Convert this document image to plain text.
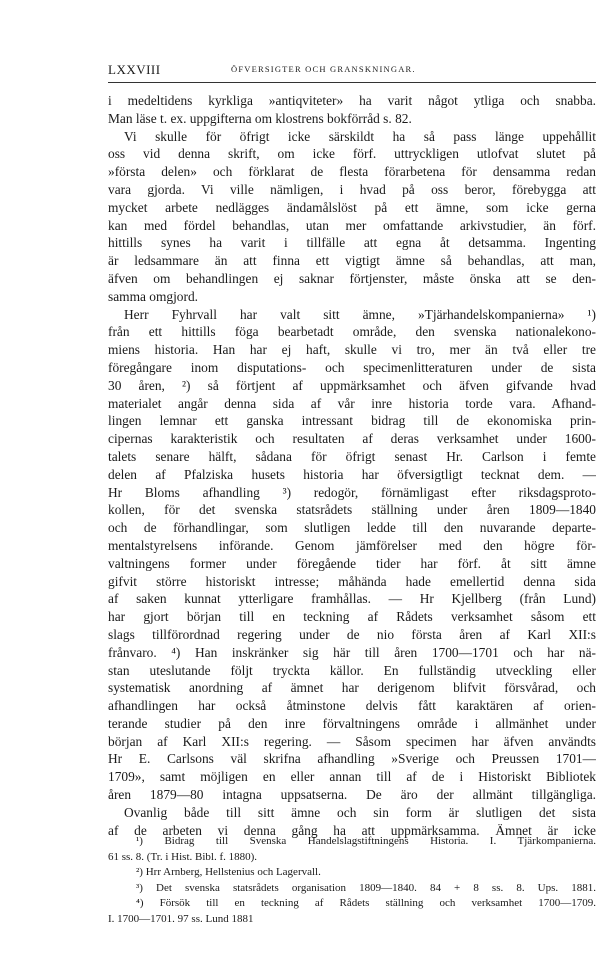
LXXVIII	ÖFVERSIGTER OCH GRANSKNINGAR.
i medeltidens kyrkliga »antiqviteter» ha varit något ytliga och snabba.
Man läse t. ex. uppgifterna om klostrens bokförråd s. 82.
Vi skulle för öfrigt icke särskildt ha så pass länge uppehållit
oss vid denna skrift, om icke förf. uttryckligen utlofvat slutet på
»första delen» och förklarat de flesta förarbetena för densamma redan
vara gjorda. Vi ville nämligen, i hvad på oss beror, förebygga att
mycket arbete nedlägges ändamålslöst på ett ämne, som icke gerna
kan med fördel behandlas, utan mer omfattande arkivstudier, än förf.
hittills synes ha varit i tillfälle att egna åt detsamma. Ingenting
är ledsammare än att finna ett vigtigt ämne så behandlas, att man,
äfven om behandlingen ej saknar förtjenster, måste önska att se den-
samma omgjord.
Herr Fyhrvall har valt sitt ämne, »Tjärhandelskompanierna» ¹)
från ett hittills föga bearbetadt område, den svenska nationalekono-
miens historia. Han har ej haft, skulle vi tro, mer än två eller tre
föregångare inom disputations- och specimenlitteraturen under de sista
30 åren, ²) så förtjent af uppmärksamhet och äfven gifvande hvad
materialet angår denna sida af vår inre historia torde vara. Afhand-
lingen lemnar ett ganska intressant bidrag till de ekonomiska prin-
cipernas karakteristik och resultaten af deras verksamhet under 1600-
talets senare hälft, sådana för öfrigt senast Hr. Carlson i femte
delen af Pfalziska husets historia har öfversigtligt tecknat dem. —
Hr Bloms afhandling ³) redogör, förnämligast efter riksdagsproto-
kollen, för det svenska statsrådets ställning under åren 1809—1840
och de förhandlingar, som slutligen ledde till den nuvarande departe-
mentalstyrelsens införande. Genom jämförelser med den högre för-
valtningens former under föregående tider har förf. åt sitt ämne
gifvit större historiskt intresse; måhända hade emellertid denna sida
af saken kunnat ytterligare framhållas. — Hr Kjellberg (från Lund)
har gjort början till en teckning af Rådets verksamhet såsom ett
slags tillförordnad regering under de nio första åren af Karl XII:s
frånvaro. ⁴) Han inskränker sig här till åren 1700—1701 och har nä-
stan uteslutande följt tryckta källor. En fullständig utveckling eller
systematisk anordning af ämnet har derigenom blifvit försvårad, och
afhandlingen har också åtminstone delvis fått karaktären af orien-
terande studier på den inre förvaltningens område i allmänhet under
början af Karl XII:s regering. — Såsom specimen har äfven användts
Hr E. Carlsons väl skrifna afhandling »Sverige och Preussen 1701—
1709», samt möjligen en eller annan till af de i Historiskt Bibliotek
åren 1879—80 intagna uppsatserna. De äro der allmänt tillgängliga.
Ovanlig både till sitt ämne och sin form är slutligen det sista
af de arbeten vi denna gång ha att uppmärksamma. Ämnet är icke
¹) Bidrag till Svenska Handelslagstiftningens Historia. I. Tjärkompanierna.
61 ss. 8. (Tr. i Hist. Bibl. f. 1880).
²) Hrr Arnberg, Hellstenius och Lagervall.
³) Det svenska statsrådets organisation 1809—1840. 84 + 8 ss. 8. Ups. 1881.
⁴) Försök till en teckning af Rådets ställning och verksamhet 1700—1709.
I. 1700—1701. 97 ss. Lund 1881
